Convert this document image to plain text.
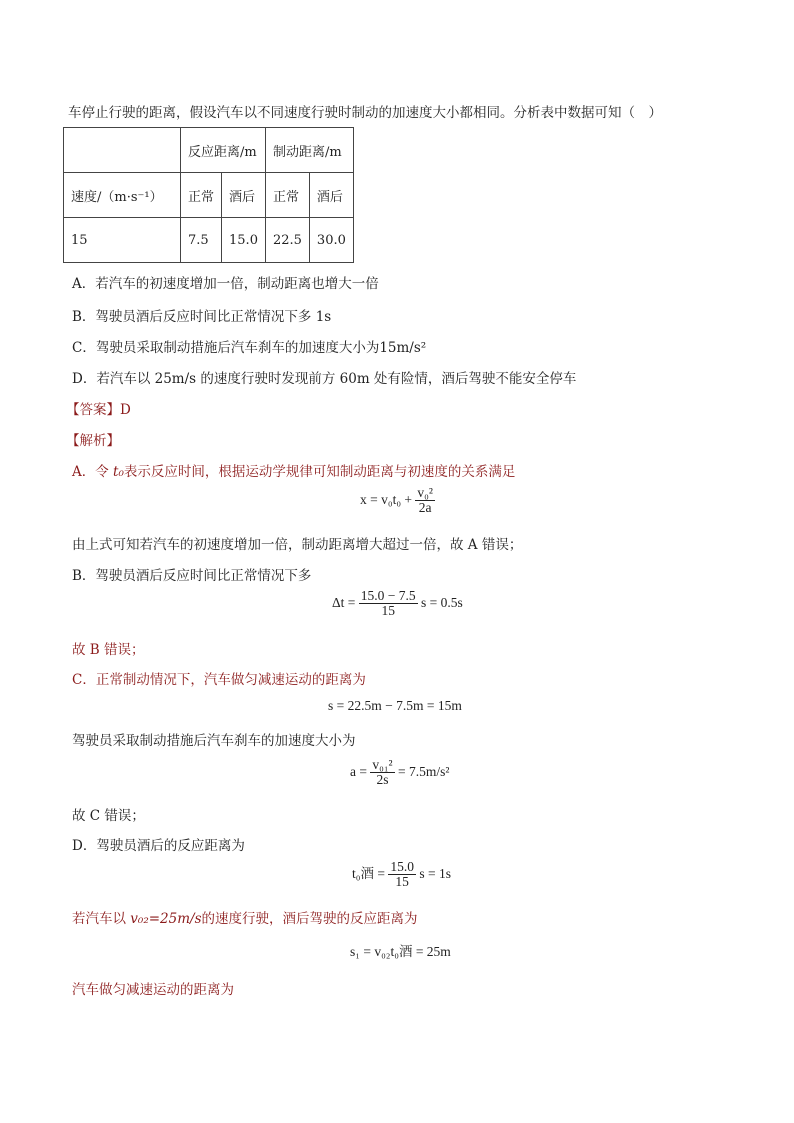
车停止行驶的距离，假设汽车以不同速度行驶时制动的加速度大小都相同。分析表中数据可知（　）
	反应距离/m		制动距离/m	
速度/（m·s⁻¹）	正常	酒后	正常	酒后
15	7.5	15.0	22.5	30.0
A．若汽车的初速度增加一倍，制动距离也增大一倍
B．驾驶员酒后反应时间比正常情况下多 1s
C．驾驶员采取制动措施后汽车刹车的加速度大小为15m/s²
D．若汽车以 25m/s 的速度行驶时发现前方 60m 处有险情，酒后驾驶不能安全停车
【答案】D
【解析】
A．令 t₀表示反应时间，根据运动学规律可知制动距离与初速度的关系满足
$x = v_0t_0 + \frac{\text{v₀²}}{2a}$
由上式可知若汽车的初速度增加一倍，制动距离增大超过一倍，故 A 错误；
B．驾驶员酒后反应时间比正常情况下多
$\Delta t = \frac{15.0 - 7.5}{15}$ s = 0.5s
故 B 错误；
C．正常制动情况下，汽车做匀减速运动的距离为
s = 22.5m − 7.5m = 15m
驾驶员采取制动措施后汽车刹车的加速度大小为
$a = \frac{\text{v₀₁²}}{2s} = 7.5m/s^2$
故 C 错误；
D．驾驶员酒后的反应距离为
t₀酒 = $\frac{15.0}{15}$ s = 1s
若汽车以 v₀₂=25m/s的速度行驶，酒后驾驶的反应距离为
s₁ = v₀₂t₀酒 = 25m
汽车做匀减速运动的距离为
